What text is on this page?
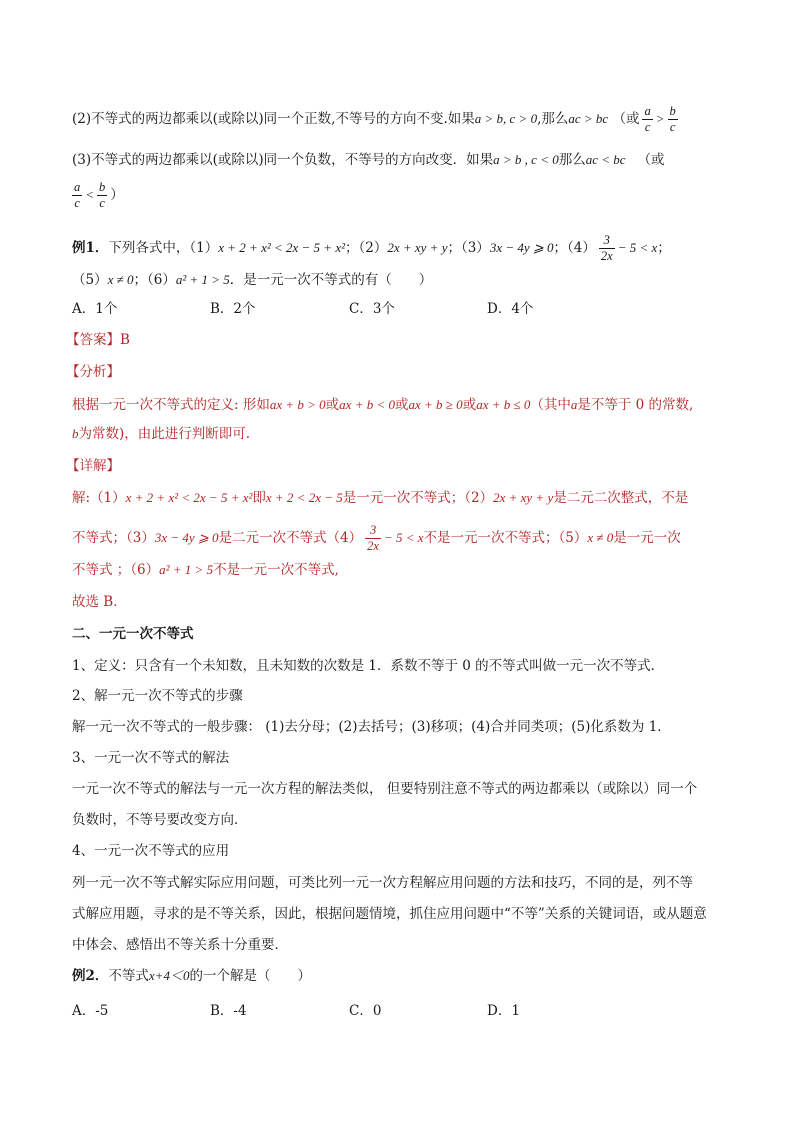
(2)不等式的两边都乘以(或除以)同一个正数,不等号的方向不变.如果a > b, c > 0,那么ac > bc （或 $\frac{a}{c} > \frac{b}{c}$
(3)不等式的两边都乘以(或除以)同一个负数，不等号的方向改变．如果a > b , c < 0那么ac < bc （或
$\frac{a}{c} < \frac{b}{c}$ ）
例1．下列各式中，（1）x + 2 + x² < 2x − 5 + x²；（2）2x + xy + y；（3）3x − 4y ⩾ 0；$(4) \frac{3}{2x} - 5 < x$；
（5）x ≠ 0；（6）a² + 1 > 5．是一元一次不等式的有（　　）
A．1个	B．2个	C．3个	D．4个
【答案】B
【分析】
根据一元一次不等式的定义: 形如ax + b > 0或ax + b < 0或ax + b ≥ 0或ax + b ≤ 0（其中a是不等于 0 的常数,
b为常数)，由此进行判断即可.
【详解】
解:（1）x + 2 + x² < 2x − 5 + x²即x + 2 < 2x − 5是一元一次不等式；（2）2x + xy + y是二元二次整式，不是
不等式；（3）3x − 4y ⩾ 0是二元一次不等式$(4) \frac{3}{2x} - 5 < x$不是一元一次不等式；（5）x ≠ 0是一元一次
不等式 ；（6）a² + 1 > 5不是一元一次不等式,
故选 B．
二、一元一次不等式
1、定义：只含有一个未知数，且未知数的次数是 1．系数不等于 0 的不等式叫做一元一次不等式．
2、解一元一次不等式的步骤
解一元一次不等式的一般步骤： (1)去分母；(2)去括号；(3)移项；(4)合并同类项；(5)化系数为 1．
3、一元一次不等式的解法
一元一次不等式的解法与一元一次方程的解法类似， 但要特别注意不等式的两边都乘以（或除以）同一个
负数时，不等号要改变方向．
4、一元一次不等式的应用
列一元一次不等式解实际应用问题，可类比列一元一次方程解应用问题的方法和技巧，不同的是，列不等
式解应用题，寻求的是不等关系，因此，根据问题情境，抓住应用问题中“不等”关系的关键词语，或从题意
中体会、感悟出不等关系十分重要．
例2．不等式x+4＜0的一个解是（　　）
A．-5	B．-4	C．0	D．1
